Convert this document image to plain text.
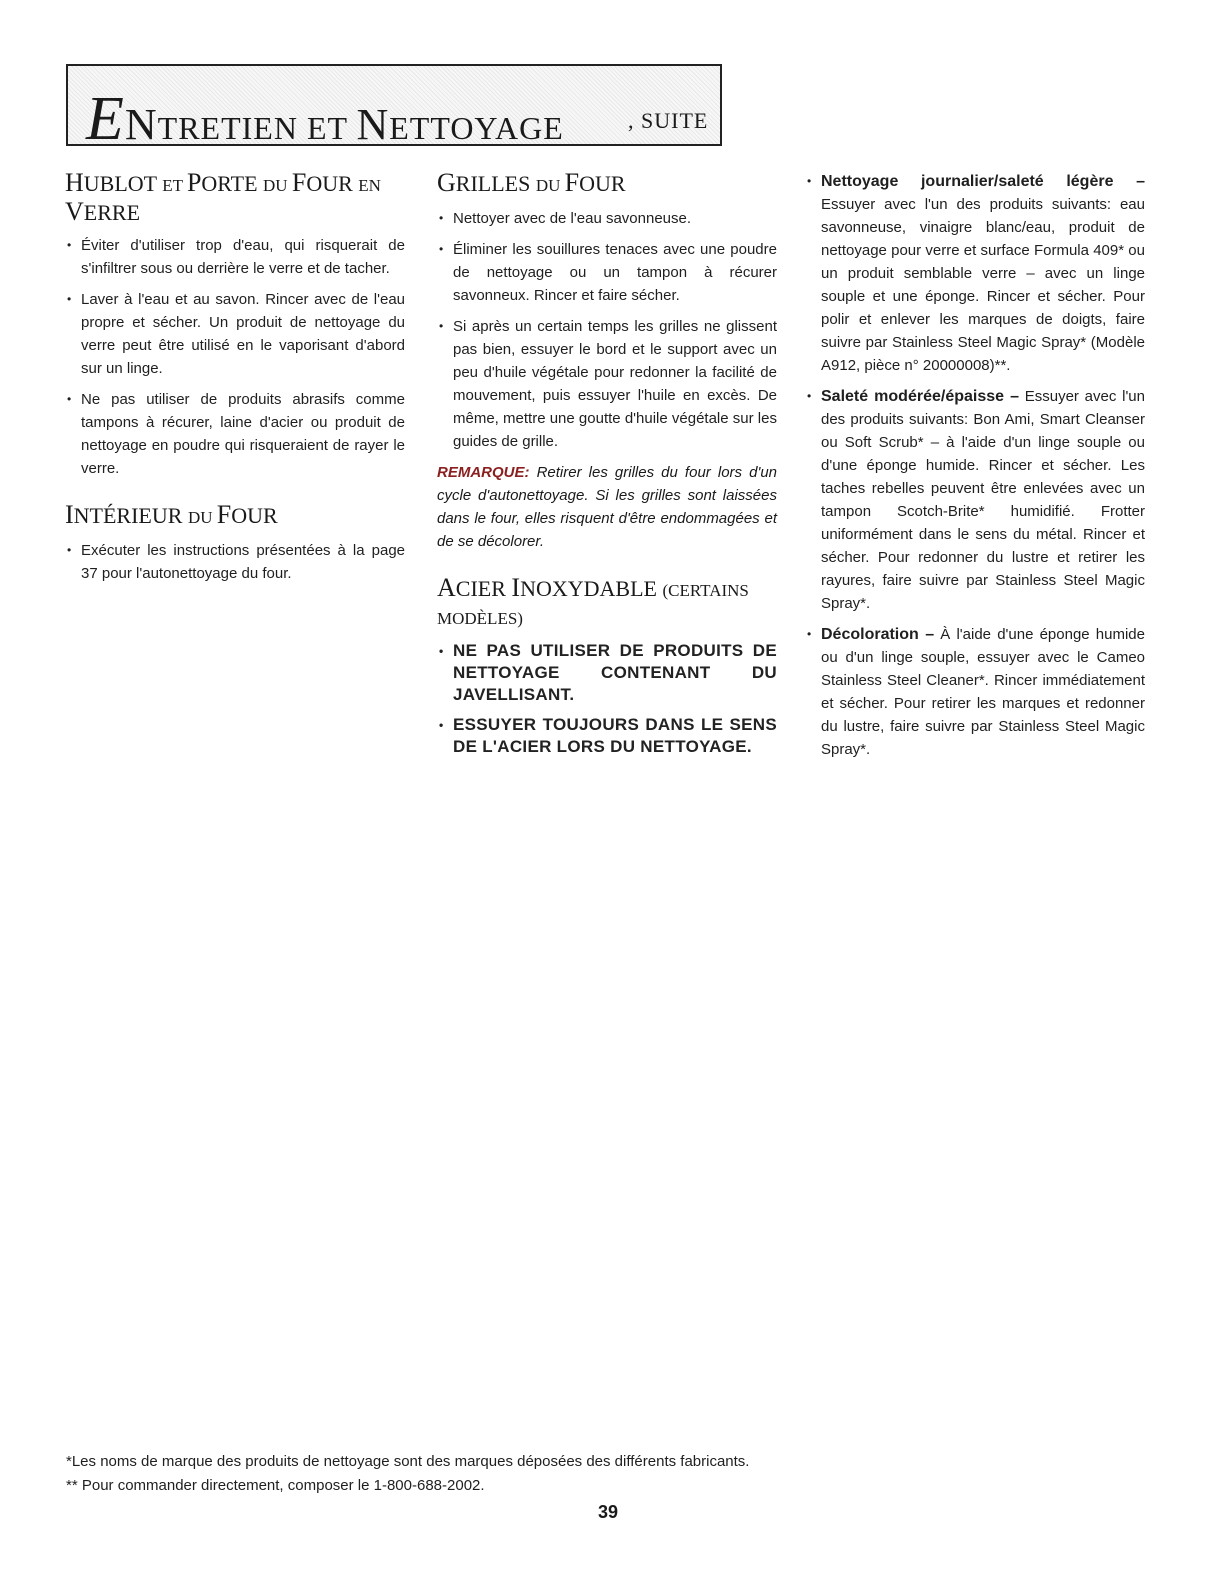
ENTRETIEN ET NETTOYAGE	, SUITE

HUBLOT ET PORTE DU FOUR EN
VERRE
• Éviter d'utiliser trop d'eau, qui risquerait de s'infiltrer sous ou derrière le verre et de tacher.
• Laver à l'eau et au savon. Rincer avec de l'eau propre et sécher. Un produit de nettoyage du verre peut être utilisé en le vaporisant d'abord sur un linge.
• Ne pas utiliser de produits abrasifs comme tampons à récurer, laine d'acier ou produit de nettoyage en poudre qui risqueraient de rayer le verre.
INTÉRIEUR DU FOUR
• Exécuter les instructions présentées à la page 37 pour l'autonettoyage du four.
GRILLES DU FOUR
• Nettoyer avec de l'eau savonneuse.
• Éliminer les souillures tenaces avec une poudre de nettoyage ou un tampon à récurer savonneux. Rincer et faire sécher.
• Si après un certain temps les grilles ne glissent pas bien, essuyer le bord et le support avec un peu d'huile végétale pour redonner la facilité de mouvement, puis essuyer l'huile en excès. De même, mettre une goutte d'huile végétale sur les guides de grille.

REMARQUE: Retirer les grilles du four lors d'un cycle d'autonettoyage. Si les grilles sont laissées dans le four, elles risquent d'être endommagées et de se décolorer.

ACIER INOXYDABLE (CERTAINS MODÈLES)
• NE PAS UTILISER DE PRODUITS DE NETTOYAGE CONTENANT DU JAVELLISANT.
• ESSUYER TOUJOURS DANS LE SENS DE L'ACIER LORS DU NETTOYAGE.
• Nettoyage journalier/saleté légère – Essuyer avec l'un des produits suivants: eau savonneuse, vinaigre blanc/eau, produit de nettoyage pour verre et surface Formula 409* ou un produit semblable verre – avec un linge souple et une éponge. Rincer et sécher. Pour polir et enlever les marques de doigts, faire suivre par Stainless Steel Magic Spray* (Modèle A912, pièce n° 20000008)**.
• Saleté modérée/épaisse – Essuyer avec l'un des produits suivants: Bon Ami, Smart Cleanser ou Soft Scrub* – à l'aide d'un linge souple ou d'une éponge humide. Rincer et sécher. Les taches rebelles peuvent être enlevées avec un tampon Scotch-Brite* humidifié. Frotter uniformément dans le sens du métal. Rincer et sécher. Pour redonner du lustre et retirer les rayures, faire suivre par Stainless Steel Magic Spray*.
• Décoloration – À l'aide d'une éponge humide ou d'un linge souple, essuyer avec le Cameo Stainless Steel Cleaner*. Rincer immédiatement et sécher. Pour retirer les marques et redonner du lustre, faire suivre par Stainless Steel Magic Spray*.

*Les noms de marque des produits de nettoyage sont des marques déposées des différents fabricants.

** Pour commander directement, composer le 1-800-688-2002.

39
